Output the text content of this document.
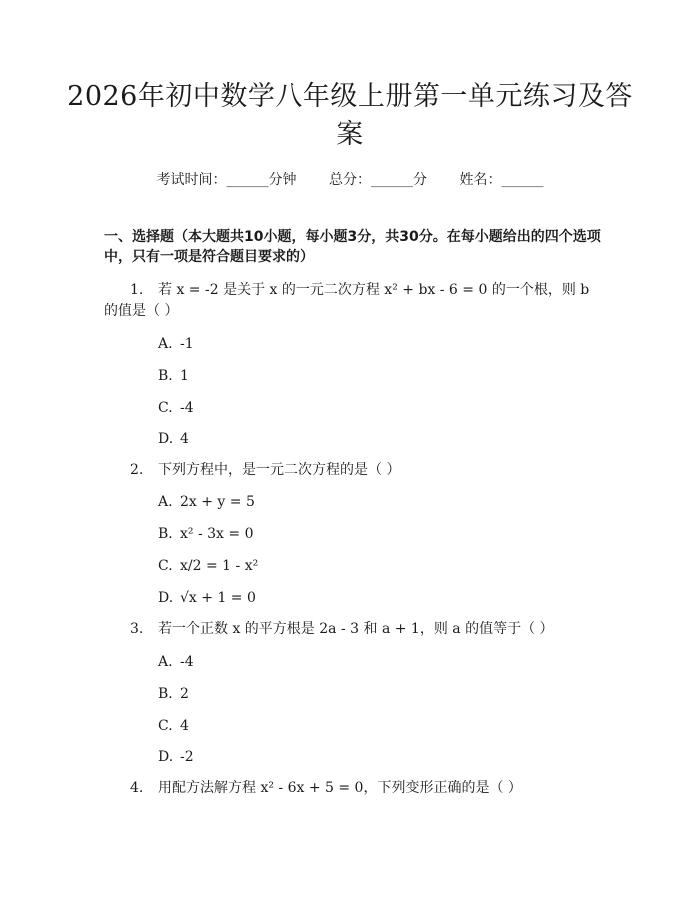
2026年初中数学八年级上册第一单元练习及答案
考试时间：______分钟 总分：______分 姓名：______
一、选择题（本大题共10小题，每小题3分，共30分。在每小题给出的四个选项中，只有一项是符合题目要求的）
1. 若 x = -2 是关于 x 的一元二次方程 x² + bx - 6 = 0 的一个根，则 b 的值是（ ）
A. -1
B. 1
C. -4
D. 4
2. 下列方程中，是一元二次方程的是（ ）
A. 2x + y = 5
B. x² - 3x = 0
C. x/2 = 1 - x²
D. √x + 1 = 0
3. 若一个正数 x 的平方根是 2a - 3 和 a + 1，则 a 的值等于（ ）
A. -4
B. 2
C. 4
D. -2
4. 用配方法解方程 x² - 6x + 5 = 0，下列变形正确的是（ ）
